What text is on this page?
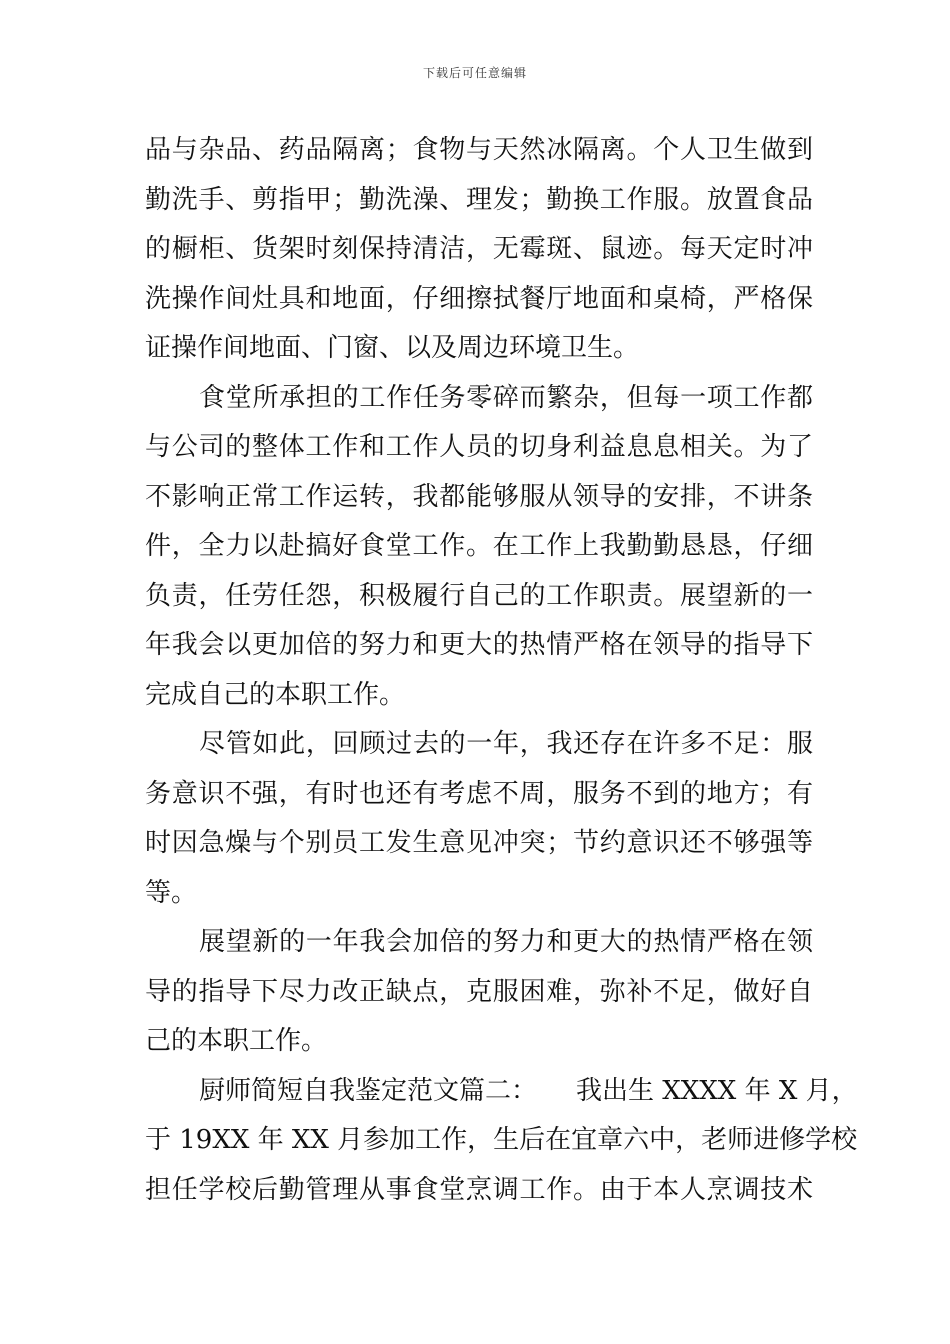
下载后可任意编辑
品与杂品、药品隔离；食物与天然冰隔离。个人卫生做到
勤洗手、剪指甲；勤洗澡、理发；勤换工作服。放置食品
的橱柜、货架时刻保持清洁，无霉斑、鼠迹。每天定时冲
洗操作间灶具和地面，仔细擦拭餐厅地面和桌椅，严格保
证操作间地面、门窗、以及周边环境卫生。
食堂所承担的工作任务零碎而繁杂，但每一项工作都
与公司的整体工作和工作人员的切身利益息息相关。为了
不影响正常工作运转，我都能够服从领导的安排，不讲条
件，全力以赴搞好食堂工作。在工作上我勤勤恳恳，仔细
负责，任劳任怨，积极履行自己的工作职责。展望新的一
年我会以更加倍的努力和更大的热情严格在领导的指导下
完成自己的本职工作。
尽管如此，回顾过去的一年，我还存在许多不足：服
务意识不强，有时也还有考虑不周，服务不到的地方；有
时因急燥与个别员工发生意见冲突；节约意识还不够强等
等。
展望新的一年我会加倍的努力和更大的热情严格在领
导的指导下尽力改正缺点，克服困难，弥补不足，做好自
己的本职工作。
厨师简短自我鉴定范文篇二：　　我出生 XXXX 年 X 月，
于 19XX 年 XX 月参加工作，生后在宜章六中，老师进修学校
担任学校后勤管理从事食堂烹调工作。由于本人烹调技术
